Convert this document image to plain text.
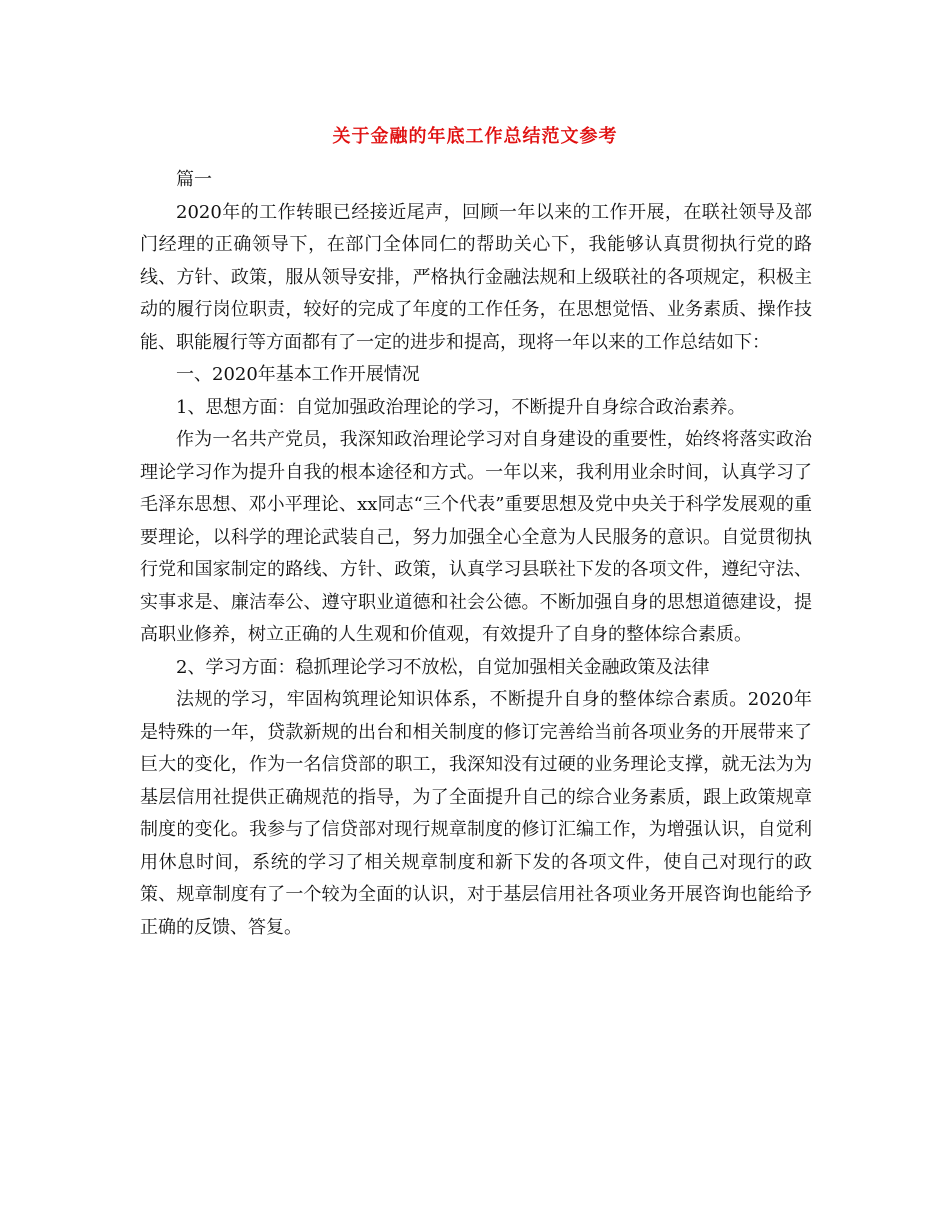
关于金融的年底工作总结范文参考

篇一

2020年的工作转眼已经接近尾声，回顾一年以来的工作开展，在联社领导及部门经理的正确领导下，在部门全体同仁的帮助关心下，我能够认真贯彻执行党的路线、方针、政策，服从领导安排，严格执行金融法规和上级联社的各项规定，积极主动的履行岗位职责，较好的完成了年度的工作任务，在思想觉悟、业务素质、操作技能、职能履行等方面都有了一定的进步和提高，现将一年以来的工作总结如下：

一、2020年基本工作开展情况

1、思想方面：自觉加强政治理论的学习，不断提升自身综合政治素养。

作为一名共产党员，我深知政治理论学习对自身建设的重要性，始终将落实政治理论学习作为提升自我的根本途径和方式。一年以来，我利用业余时间，认真学习了毛泽东思想、邓小平理论、xx同志“三个代表”重要思想及党中央关于科学发展观的重要理论，以科学的理论武装自己，努力加强全心全意为人民服务的意识。自觉贯彻执行党和国家制定的路线、方针、政策，认真学习县联社下发的各项文件，遵纪守法、实事求是、廉洁奉公、遵守职业道德和社会公德。不断加强自身的思想道德建设，提高职业修养，树立正确的人生观和价值观，有效提升了自身的整体综合素质。

2、学习方面：稳抓理论学习不放松，自觉加强相关金融政策及法律

法规的学习，牢固构筑理论知识体系，不断提升自身的整体综合素质。2020年是特殊的一年，贷款新规的出台和相关制度的修订完善给当前各项业务的开展带来了巨大的变化，作为一名信贷部的职工，我深知没有过硬的业务理论支撑，就无法为为基层信用社提供正确规范的指导，为了全面提升自己的综合业务素质，跟上政策规章制度的变化。我参与了信贷部对现行规章制度的修订汇编工作，为增强认识，自觉利用休息时间，系统的学习了相关规章制度和新下发的各项文件，使自己对现行的政策、规章制度有了一个较为全面的认识，对于基层信用社各项业务开展咨询也能给予正确的反馈、答复。
